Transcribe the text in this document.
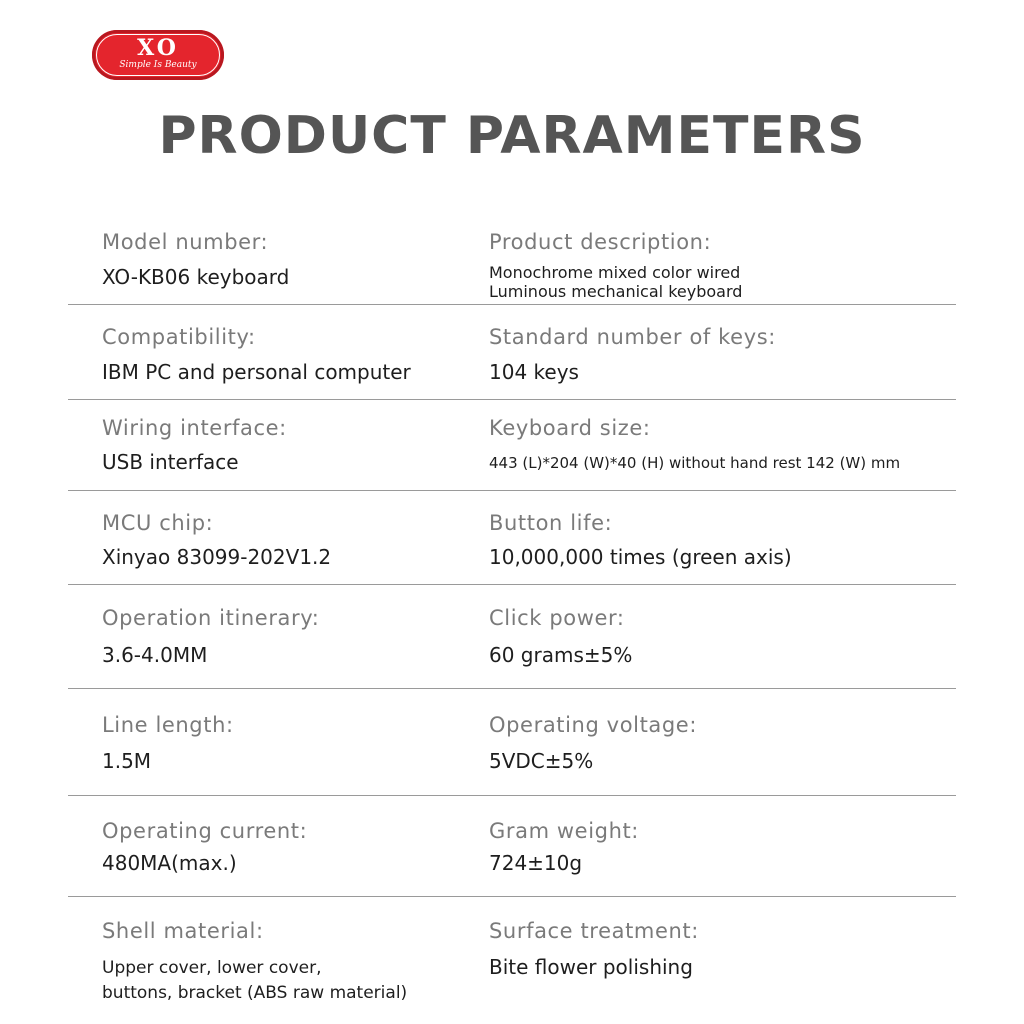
XO
Simple Is Beauty
PRODUCT PARAMETERS
Model number:
XO-KB06 keyboard
Product description:
Monochrome mixed color wired
Luminous mechanical keyboard
Compatibility:
IBM PC and personal computer
Standard number of keys:
104 keys
Wiring interface:
USB interface
Keyboard size:
443 (L)*204 (W)*40 (H) without hand rest 142 (W) mm
MCU chip:
Xinyao 83099-202V1.2
Button life:
10,000,000 times (green axis)
Operation itinerary:
3.6-4.0MM
Click power:
60 grams±5%
Line length:
1.5M
Operating voltage:
5VDC±5%
Operating current:
480MA(max.)
Gram weight:
724±10g
Shell material:
Upper cover, lower cover,
buttons, bracket (ABS raw material)
Surface treatment:
Bite flower polishing
